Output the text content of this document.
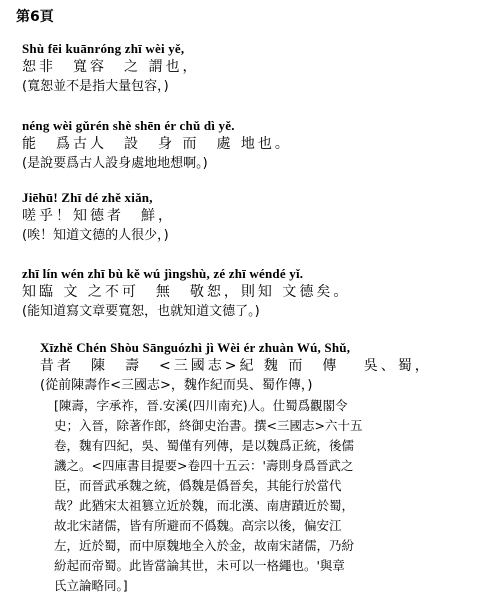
第6頁
Shù fēi kuānróng zhī wèi yě,
恕非　寬容　之 謂也，
(寬恕並不是指大量包容，)
néng wèi gǔrén shè shēn ér chǔ dì yě.
能　爲古人　設　身 而　處 地也。
(是說要爲古人設身處地地想啊。)
Jiēhū! Zhī dé zhě xiǎn,
嗟乎！知德者　鮮，
(唉！知道文德的人很少，)
zhī lín wén zhī bù kě wú jìngshù, zé zhī wéndé yǐ.
知臨 文 之不可　無　敬恕，則知 文德矣。
(能知道寫文章要寬恕，也就知道文德了。)
Xīzhě Chén Shòu Sānguózhì jì Wèi ér zhuàn Wú, Shǔ,
昔者　陳　壽　<三國志>紀 魏 而　傳　 吳、蜀，
(從前陳壽作<三國志>，魏作紀而吳、蜀作傳，)
[陳壽，字承祚，晉.安溪(四川南充)人。仕蜀爲觀閣令
史；入晉，除著作郎，終御史治書。撰<三國志>六十五
卷，魏有四紀，吳、蜀僅有列傳，是以魏爲正統，後儒
譏之。<四庫書目提要>卷四十五云：'壽則身爲晉武之
臣，而晉武承魏之統，僞魏是僞晉矣，其能行於當代
哉？此猶宋太祖篡立近於魏，而北漢、南唐蹟近於蜀，
故北宋諸儒，皆有所避而不僞魏。高宗以後，偏安江
左，近於蜀，而中原魏地全入於金，故南宋諸儒，乃紛
紛起而帝蜀。此皆當論其世，未可以一格繩也。'與章
氏立論略同。]
